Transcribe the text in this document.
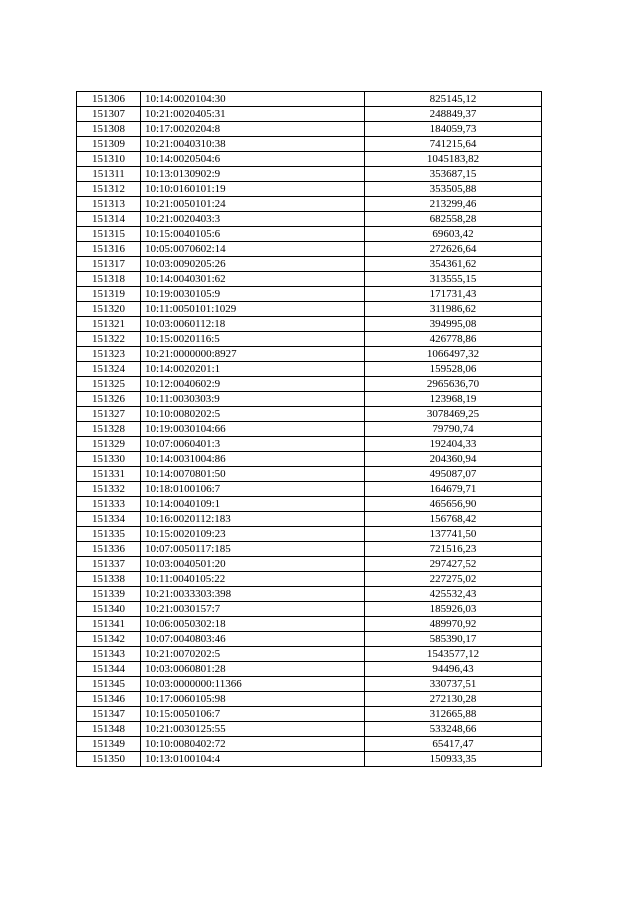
151306	10:14:0020104:30	825145,12
151307	10:21:0020405:31	248849,37
151308	10:17:0020204:8	184059,73
151309	10:21:0040310:38	741215,64
151310	10:14:0020504:6	1045183,82
151311	10:13:0130902:9	353687,15
151312	10:10:0160101:19	353505,88
151313	10:21:0050101:24	213299,46
151314	10:21:0020403:3	682558,28
151315	10:15:0040105:6	69603,42
151316	10:05:0070602:14	272626,64
151317	10:03:0090205:26	354361,62
151318	10:14:0040301:62	313555,15
151319	10:19:0030105:9	171731,43
151320	10:11:0050101:1029	311986,62
151321	10:03:0060112:18	394995,08
151322	10:15:0020116:5	426778,86
151323	10:21:0000000:8927	1066497,32
151324	10:14:0020201:1	159528,06
151325	10:12:0040602:9	2965636,70
151326	10:11:0030303:9	123968,19
151327	10:10:0080202:5	3078469,25
151328	10:19:0030104:66	79790,74
151329	10:07:0060401:3	192404,33
151330	10:14:0031004:86	204360,94
151331	10:14:0070801:50	495087,07
151332	10:18:0100106:7	164679,71
151333	10:14:0040109:1	465656,90
151334	10:16:0020112:183	156768,42
151335	10:15:0020109:23	137741,50
151336	10:07:0050117:185	721516,23
151337	10:03:0040501:20	297427,52
151338	10:11:0040105:22	227275,02
151339	10:21:0033303:398	425532,43
151340	10:21:0030157:7	185926,03
151341	10:06:0050302:18	489970,92
151342	10:07:0040803:46	585390,17
151343	10:21:0070202:5	1543577,12
151344	10:03:0060801:28	94496,43
151345	10:03:0000000:11366	330737,51
151346	10:17:0060105:98	272130,28
151347	10:15:0050106:7	312665,88
151348	10:21:0030125:55	533248,66
151349	10:10:0080402:72	65417,47
151350	10:13:0100104:4	150933,35
